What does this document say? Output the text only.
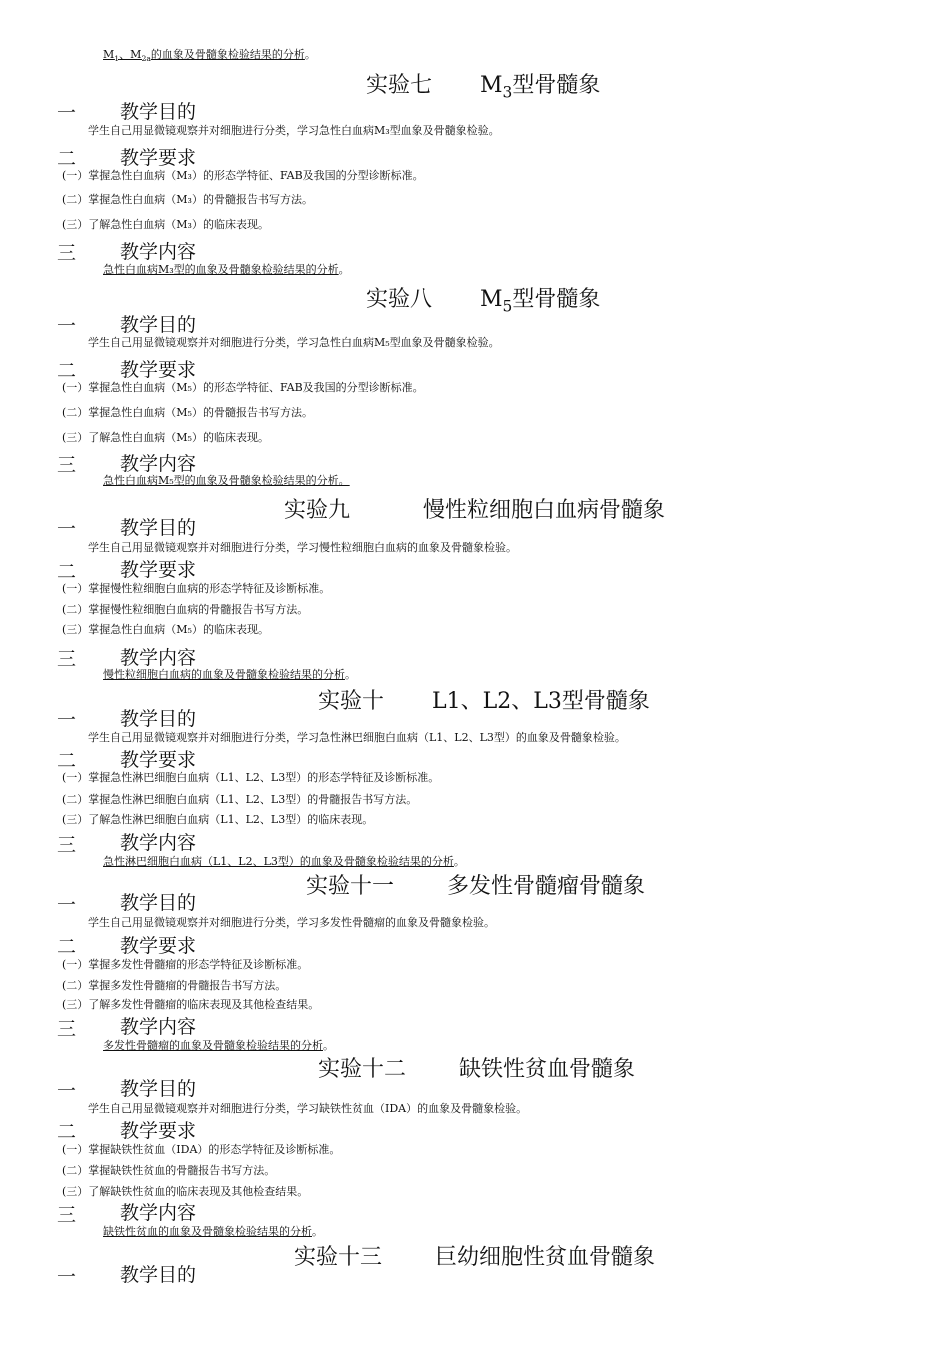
$M_1$、$M_{2a}$的血象及骨髓象检验结果的分析。
实验七 $M_3$型骨髓象
一 教学目的
学生自己用显微镜观察并对细胞进行分类，学习急性白血病M₃型血象及骨髓象检验。
二 教学要求
(一）掌握急性白血病（M₃）的形态学特征、FAB及我国的分型诊断标准。
(二）掌握急性白血病（M₃）的骨髓报告书写方法。
(三）了解急性白血病（M₃）的临床表现。
三 教学内容
急性白血病M₃型的血象及骨髓象检验结果的分析。
实验八 $M_5$型骨髓象
一 教学目的
学生自己用显微镜观察并对细胞进行分类，学习急性白血病M₅型血象及骨髓象检验。
二 教学要求
(一）掌握急性白血病（M₅）的形态学特征、FAB及我国的分型诊断标准。
(二）掌握急性白血病（M₅）的骨髓报告书写方法。
(三）了解急性白血病（M₅）的临床表现。
三 教学内容
急性白血病M₅型的血象及骨髓象检验结果的分析。
实验九	慢性粒细胞白血病骨髓象
一 教学目的
学生自己用显微镜观察并对细胞进行分类，学习慢性粒细胞白血病的血象及骨髓象检验。
二 教学要求
(一）掌握慢性粒细胞白血病的形态学特征及诊断标准。
(二）掌握慢性粒细胞白血病的骨髓报告书写方法。
(三）掌握急性白血病（M₅）的临床表现。
三 教学内容
慢性粒细胞白血病的血象及骨髓象检验结果的分析。
实验十 L1、L2、L3型骨髓象
一 教学目的
学生自己用显微镜观察并对细胞进行分类，学习急性淋巴细胞白血病（L1、L2、L3型）的血象及骨髓象检验。
二 教学要求
(一）掌握急性淋巴细胞白血病（L1、L2、L3型）的形态学特征及诊断标准。
(二）掌握急性淋巴细胞白血病（L1、L2、L3型）的骨髓报告书写方法。
(三）了解急性淋巴细胞白血病（L1、L2、L3型）的临床表现。
三 教学内容
急性淋巴细胞白血病（L1、L2、L3型）的血象及骨髓象检验结果的分析。
实验十一 多发性骨髓瘤骨髓象
一 教学目的
学生自己用显微镜观察并对细胞进行分类，学习多发性骨髓瘤的血象及骨髓象检验。
二 教学要求
(一）掌握多发性骨髓瘤的形态学特征及诊断标准。
(二）掌握多发性骨髓瘤的骨髓报告书写方法。
(三）了解多发性骨髓瘤的临床表现及其他检查结果。
三 教学内容
多发性骨髓瘤的血象及骨髓象检验结果的分析。
实验十二 缺铁性贫血骨髓象
一 教学目的
学生自己用显微镜观察并对细胞进行分类，学习缺铁性贫血（IDA）的血象及骨髓象检验。
二 教学要求
(一）掌握缺铁性贫血（IDA）的形态学特征及诊断标准。
(二）掌握缺铁性贫血的骨髓报告书写方法。
(三）了解缺铁性贫血的临床表现及其他检查结果。
三 教学内容
缺铁性贫血的血象及骨髓象检验结果的分析。
实验十三 巨幼细胞性贫血骨髓象
一 教学目的
